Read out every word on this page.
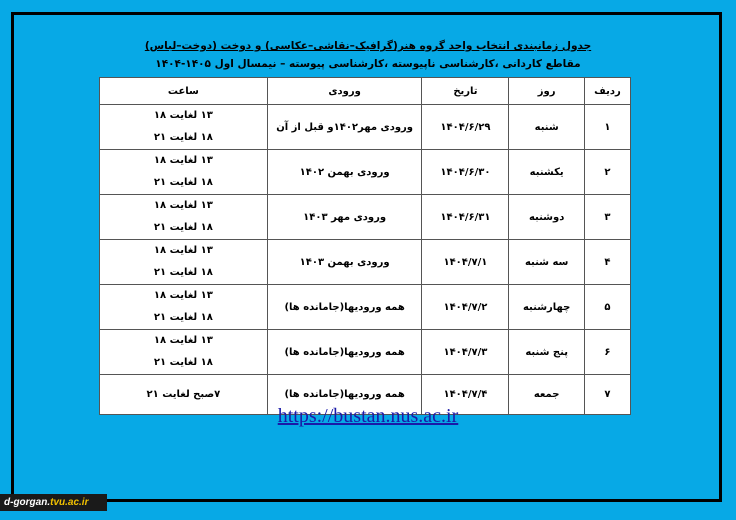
جدول زمانبندی انتخاب واحد گروه هنر(گرافیک–نقاشی–عکاسی) و دوخت (دوخت–لباس)
مقاطع کاردانی ،کارشناسی ناپیوسته ،کارشناسی پیوسته – نیمسال اول ۱۴۰۵-۱۴۰۴
ردیف	روز	تاریخ	ورودی	ساعت
۱	شنبه	۱۴۰۴/۶/۲۹	ورودی مهر۱۴۰۲و قبل از آن	۱۳ لغایت ۱۸
۱۸ لغایت ۲۱

۲	یکشنبه	۱۴۰۴/۶/۳۰	ورودی بهمن ۱۴۰۲	۱۳ لغایت ۱۸
۱۸ لغایت ۲۱

۳	دوشنبه	۱۴۰۴/۶/۳۱	ورودی مهر ۱۴۰۳	۱۳ لغایت ۱۸
۱۸ لغایت ۲۱

۴	سه شنبه	۱۴۰۴/۷/۱	ورودی بهمن ۱۴۰۳	۱۳ لغایت ۱۸
۱۸ لغایت ۲۱

۵	چهارشنبه	۱۴۰۴/۷/۲	همه ورودیها(جامانده ها)	۱۳ لغایت ۱۸
۱۸ لغایت ۲۱

۶	پنج شنبه	۱۴۰۴/۷/۳	همه ورودیها(جامانده ها)	۱۳ لغایت ۱۸
۱۸ لغایت ۲۱

۷	جمعه	۱۴۰۴/۷/۴	همه ورودیها(جامانده ها)	۷صبح لغایت ۲۱
https://bustan.nus.ac.ir
d-gorgan.tvu.ac.ir
